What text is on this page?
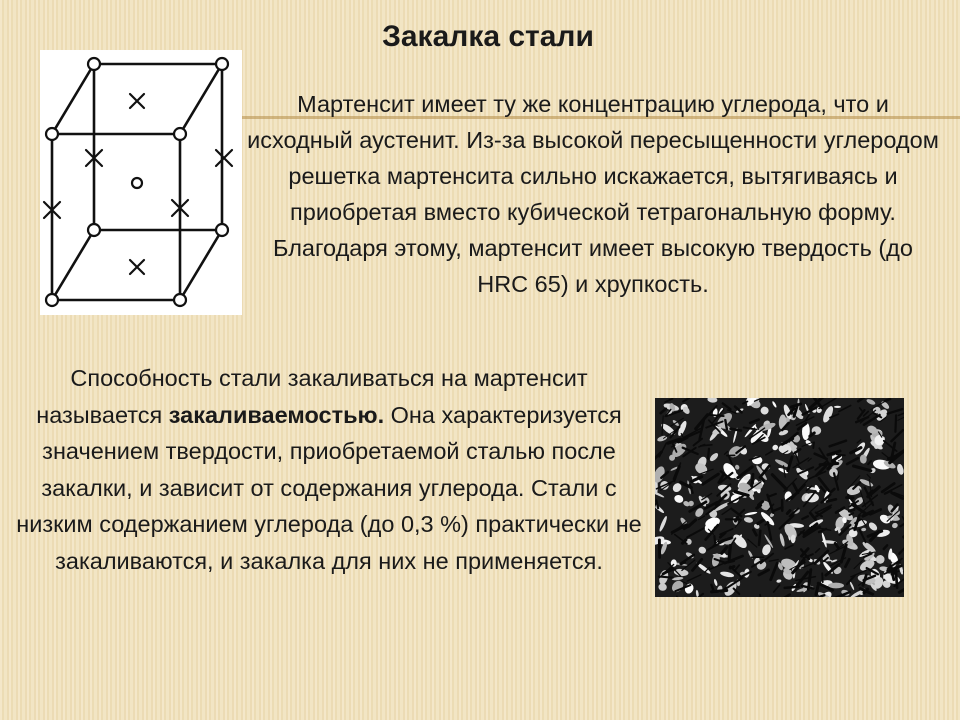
Закалка стали
Мартенсит имеет ту же концентрацию углерода, что и исходный аустенит. Из-за высокой пересыщенности углеродом решетка мартенсита сильно искажается, вытягиваясь и приобретая вместо кубической тетрагональную форму. Благодаря этому, мартенсит имеет высокую твердость (до HRC 65) и хрупкость.
Способность стали закаливаться на мартенсит называется закаливаемостью. Она характеризуется значением твердости, приобретаемой сталью после закалки, и зависит от содержания углерода. Стали с низким содержанием углерода (до 0,3 %) практически не закаливаются, и закалка для них не применяется.
